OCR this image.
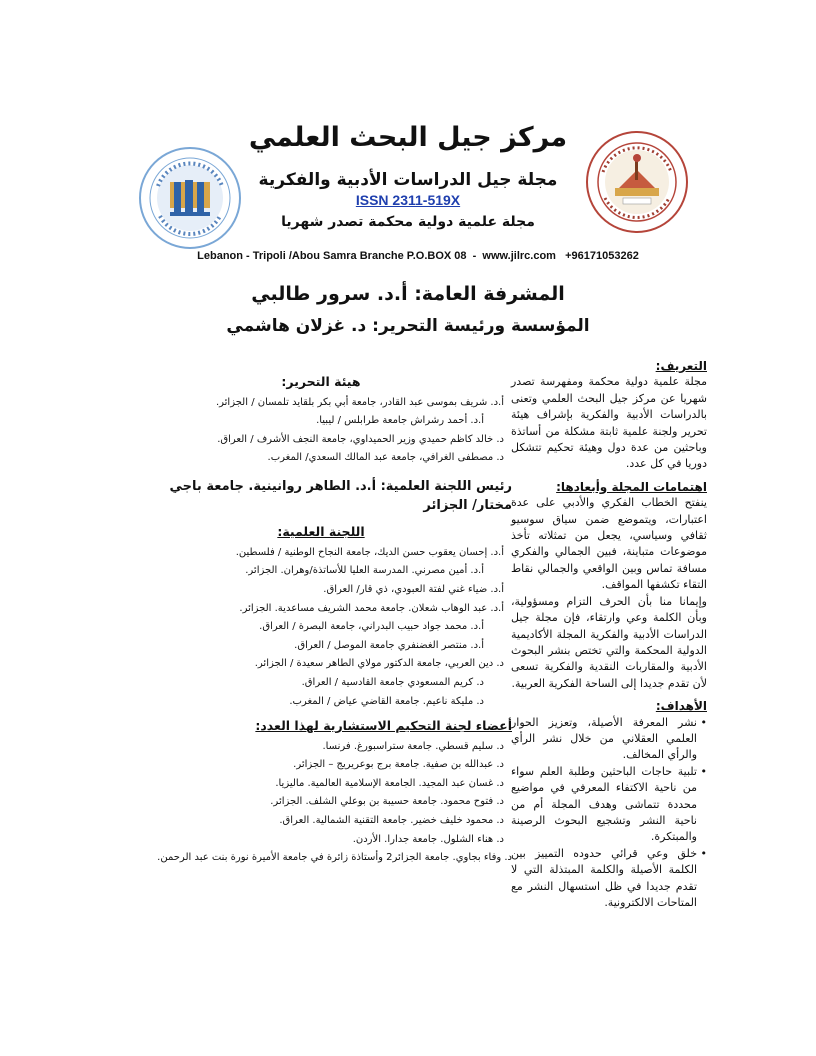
مركز جيل البحث العلمي
مجلة جيل الدراسات الأدبية والفكرية
ISSN 2311-519X
مجلة علمية دولية محكمة تصدر شهريا
Lebanon - Tripoli /Abou Samra Branche P.O.BOX 08  -  www.jilrc.com   +96171053262
المشرفة العامة: أ.د. سرور طالبي
المؤسسة ورئيسة التحرير: د. غزلان هاشمي
التعريف:
مجلة علمية دولية محكمة ومفهرسة تصدر شهريا عن مركز جيل البحث العلمي وتعنى بالدراسات الأدبية والفكرية بإشراف هيئة تحرير ولجنة علمية ثابتة مشكلة من أساتذة وباحثين من عدة دول وهيئة تحكيم تتشكل دوريا في كل عدد.
اهتمامات المجلة وأبعادها:
ينفتح الخطاب الفكري والأدبي على عدة اعتبارات، ويتموضع ضمن سياق سوسيو ثقافي وسياسي، يجعل من تمثلاته تأخذ موضوعات متباينة، فبين الجمالي والفكري مسافة تماس وبين الواقعي والجمالي نقاط التقاء تكشفها المواقف.
وإيمانا منا بأن الحرف التزام ومسؤولية، وبأن الكلمة وعي وارتقاء، فإن مجلة جيل الدراسات الأدبية والفكرية المجلة الأكاديمية الدولية المحكمة والتي تختص بنشر البحوث الأدبية والمقاربات النقدية والفكرية تسعى لأن تقدم جديدا إلى الساحة الفكرية العربية.
الأهداف:
• نشر المعرفة الأصيلة، وتعزيز الحوار العلمي العقلاني من خلال نشر الرأي والرأي المخالف.
• تلبية حاجات الباحثين وطلبة العلم سواء من ناحية الاكتفاء المعرفي في مواضيع محددة تتماشى وهدف المجلة أم من ناحية النشر وتشجيع البحوث الرصينة والمبتكرة.
• خلق وعي قرائي حدوده التمييز بين الكلمة الأصيلة والكلمة المبتذلة التي لا تقدم جديدا في ظل استسهال النشر مع المتاحات الالكترونية.
هيئة التحرير:
أ.د. شريف بموسى عبد القادر، جامعة أبي بكر بلقايد تلمسان / الجزائر.
أ.د. أحمد رشراش جامعة طرابلس / ليبيا.
د. خالد كاظم حميدي وزير الحميداوي، جامعة النجف الأشرف / العراق.
د. مصطفى الغرافي، جامعة عبد المالك السعدي/ المغرب.
رئيس اللجنة العلمية: أ.د. الطاهر روانينية. جامعة باجي مختار/ الجزائر
اللجنة العلمية:
أ.د. إحسان يعقوب حسن الديك، جامعة النجاح الوطنية / فلسطين.
أ.د. أمين مصرني. المدرسة العليا للأساتذة/وهران. الجزائر.
أ.د. ضياء غني لفتة العبودي، ذي قار/ العراق.
أ.د. عبد الوهاب شعلان. جامعة محمد الشريف مساعدية. الجزائر.
أ.د. محمد جواد حبيب البدراني، جامعة البصرة / العراق.
أ.د. منتصر الغضنفري جامعة الموصل / العراق.
د. دين العربي، جامعة الدكتور مولاي الطاهر سعيدة / الجزائر.
د. كريم المسعودي جامعة القادسية / العراق.
د. مليكة ناعيم. جامعة القاضي عياض / المغرب.
أعضاء لجنة التحكيم الاستشارية لهذا العدد:
د. سليم قسطي. جامعة ستراسبورغ. فرنسا.
د. عبدالله بن صفية. جامعة برج بوعريريج – الجزائر.
د. غسان عبد المجيد. الجامعة الإسلامية العالمية. ماليزيا.
د. فتوح محمود. جامعة حسيبة بن بوعلي الشلف. الجزائر.
د. محمود خليف خضير. جامعة التقنية الشمالية. العراق.
د. هناء الشلول. جامعة جدارا. الأردن.
د. وفاء بجاوي. جامعة الجزائر2 وأستاذة زائرة في جامعة الأميرة نورة بنت عبد الرحمن.
